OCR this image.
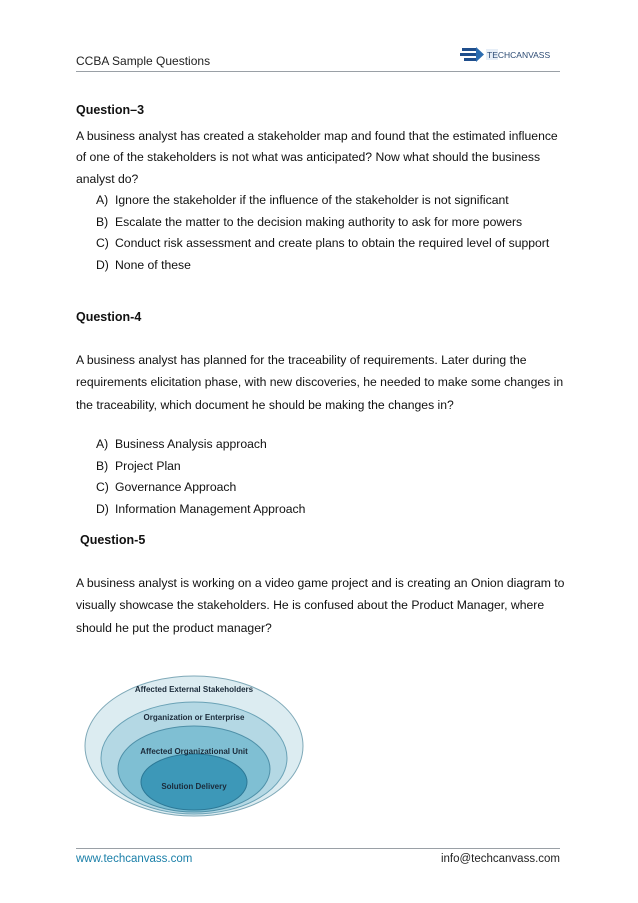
CCBA Sample Questions	TECHCANVASS
Question–3

A business analyst has created a stakeholder map and found that the estimated influence of one of the stakeholders is not what was anticipated? Now what should the business analyst do?

A) Ignore the stakeholder if the influence of the stakeholder is not significant
B) Escalate the matter to the decision making authority to ask for more powers
C) Conduct risk assessment and create plans to obtain the required level of support
D) None of these
Question-4

A business analyst has planned for the traceability of requirements. Later during the requirements elicitation phase, with new discoveries, he needed to make some changes in the traceability, which document he should be making the changes in?

A) Business Analysis approach
B) Project Plan
C) Governance Approach
D) Information Management Approach
Question-5

A business analyst is working on a video game project and is creating an Onion diagram to visually showcase the stakeholders. He is confused about the Product Manager, where should he put the product manager?

Affected External Stakeholders
Organization or Enterprise
Affected Organizational Unit
Solution Delivery
www.techcanvass.com	info@techcanvass.com
